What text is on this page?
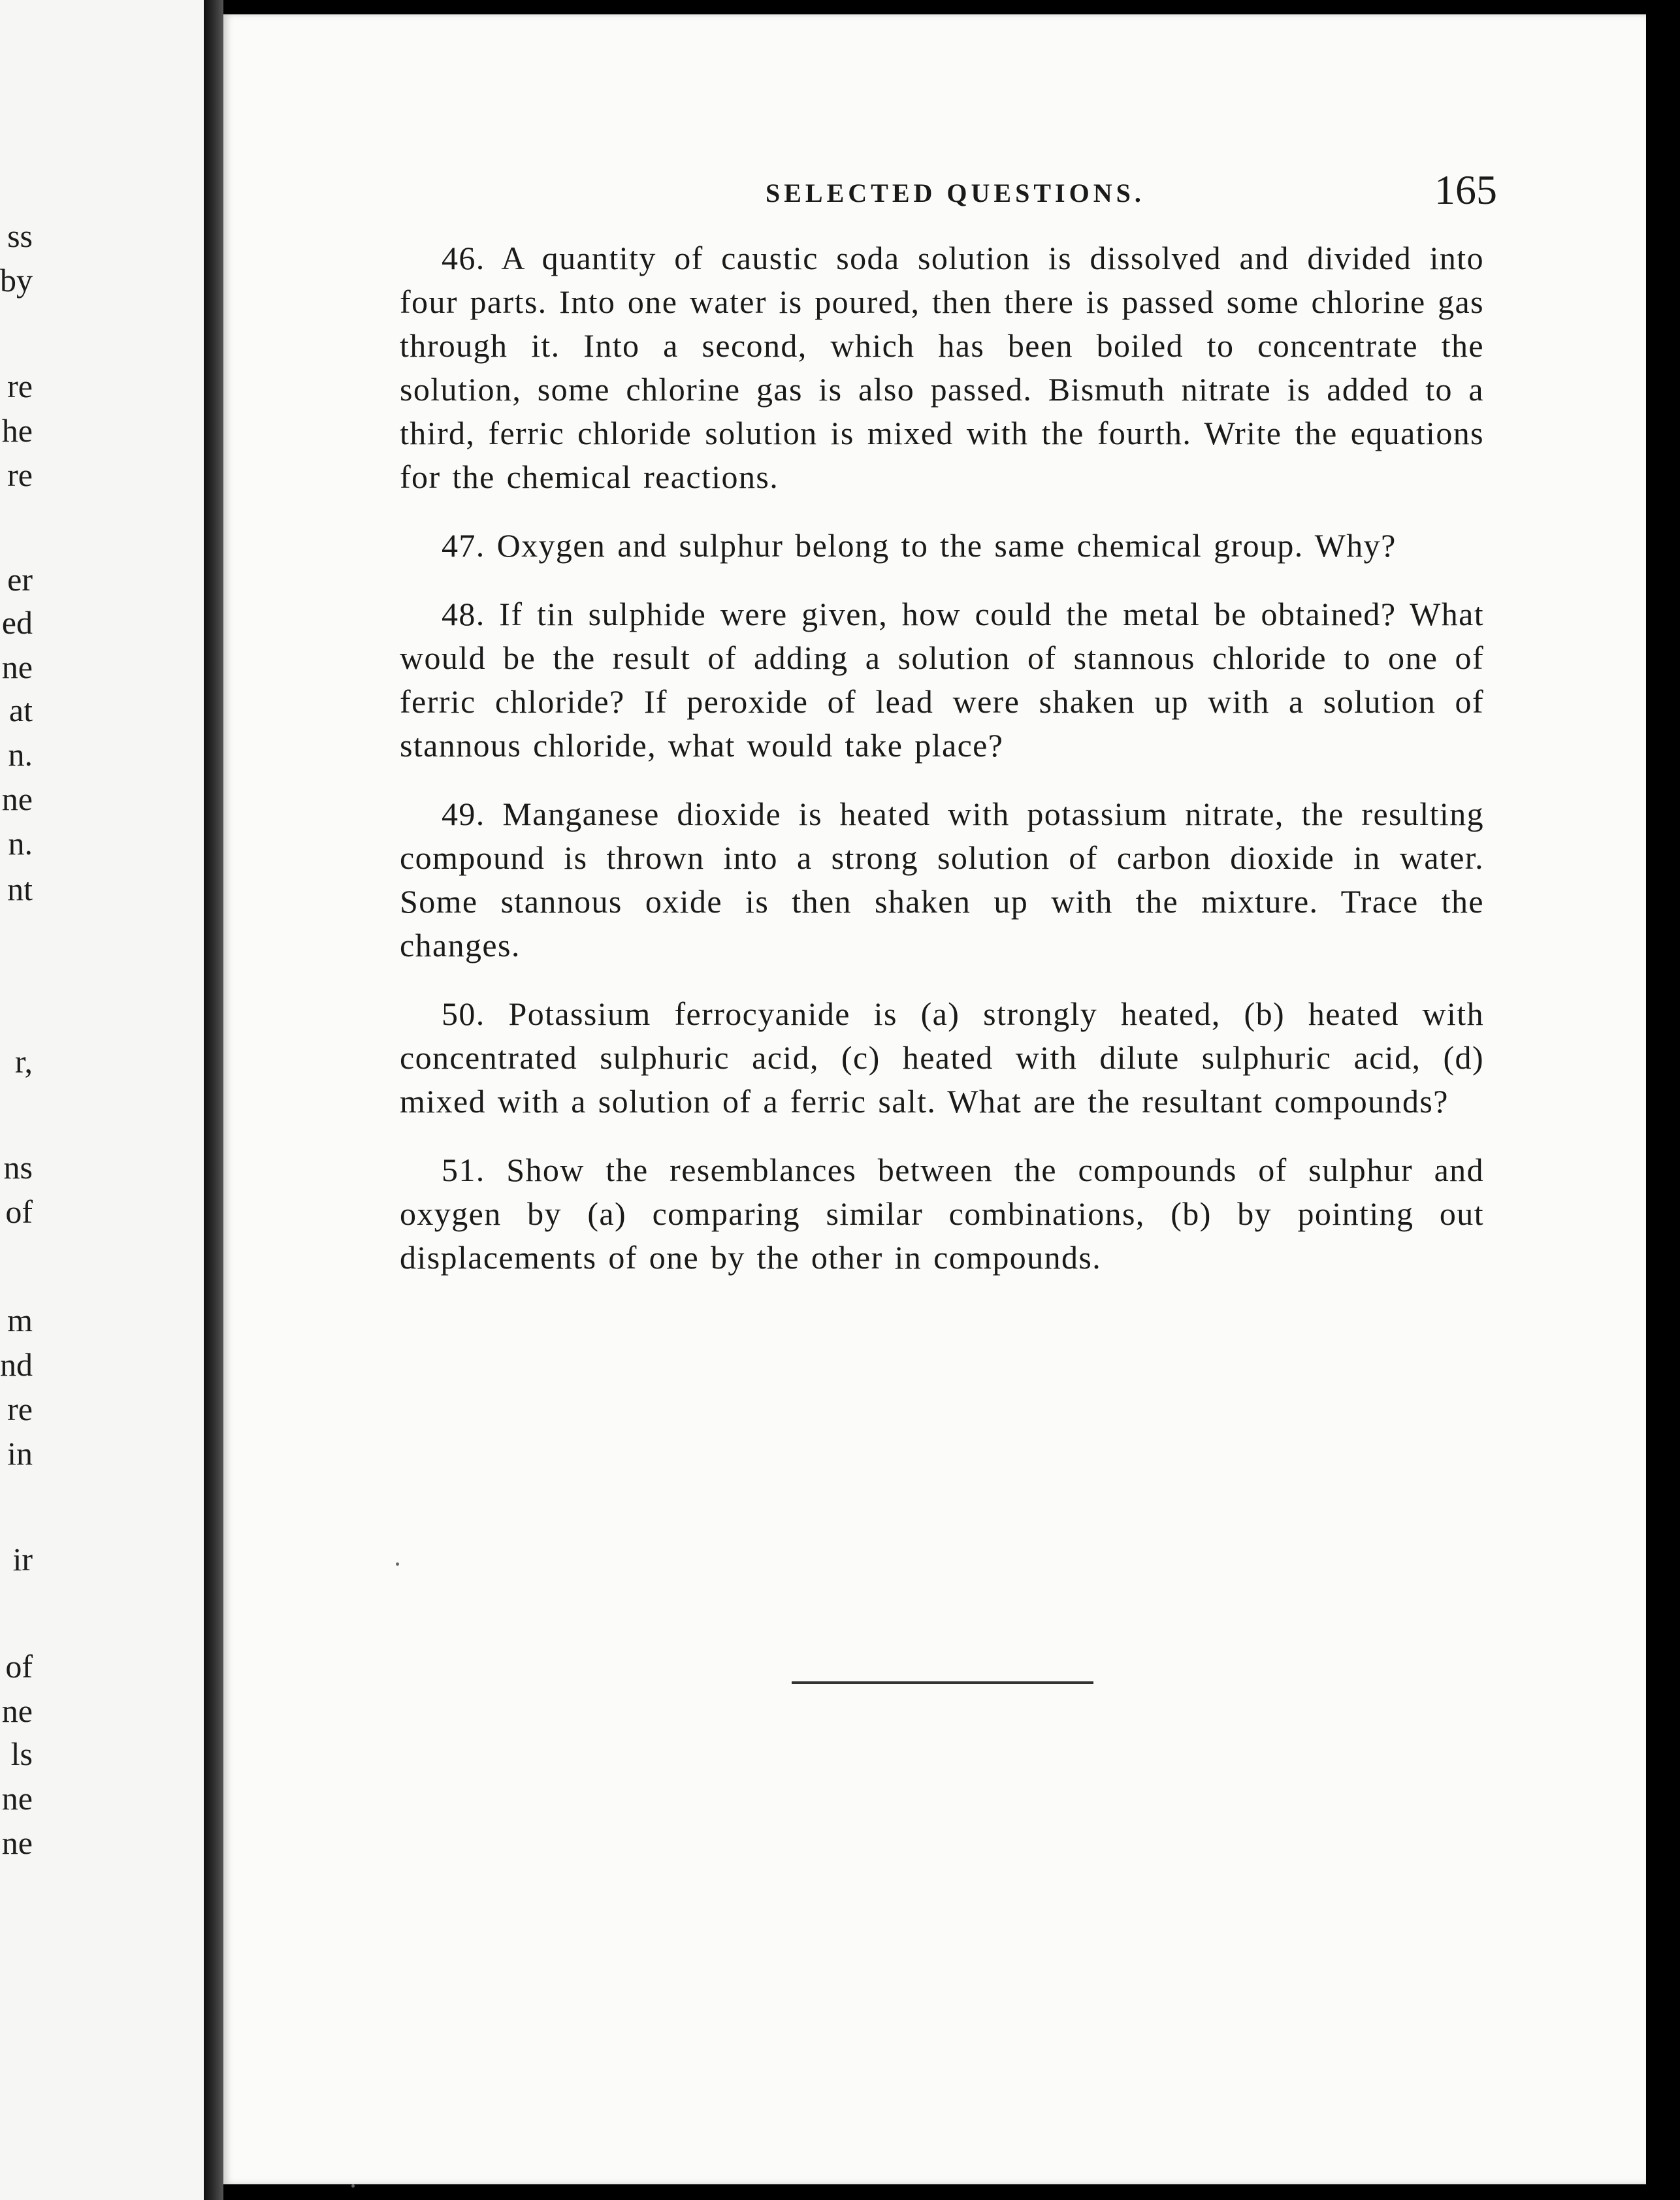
ss
by
re
he
re
er
ed
ne
at
n.
ne
n.
nt
r,
ns
of
m
nd
re
in
ir
of
ne
ls
ne
ne
SELECTED QUESTIONS.	165

46. A quantity of caustic soda solution is dissolved and divided into four parts. Into one water is poured, then there is passed some chlorine gas through it. Into a second, which has been boiled to concentrate the solution, some chlorine gas is also passed. Bismuth nitrate is added to a third, ferric chloride solution is mixed with the fourth. Write the equations for the chemical reactions.

47. Oxygen and sulphur belong to the same chemical group. Why?

48. If tin sulphide were given, how could the metal be obtained? What would be the result of adding a solution of stannous chloride to one of ferric chloride? If peroxide of lead were shaken up with a solution of stannous chloride, what would take place?

49. Manganese dioxide is heated with potassium nitrate, the resulting compound is thrown into a strong solution of carbon dioxide in water. Some stannous oxide is then shaken up with the mixture. Trace the changes.

50. Potassium ferrocyanide is (a) strongly heated, (b) heated with concentrated sulphuric acid, (c) heated with dilute sulphuric acid, (d) mixed with a solution of a ferric salt. What are the resultant compounds?

51. Show the resemblances between the compounds of sulphur and oxygen by (a) comparing similar combinations, (b) by pointing out displacements of one by the other in compounds.
